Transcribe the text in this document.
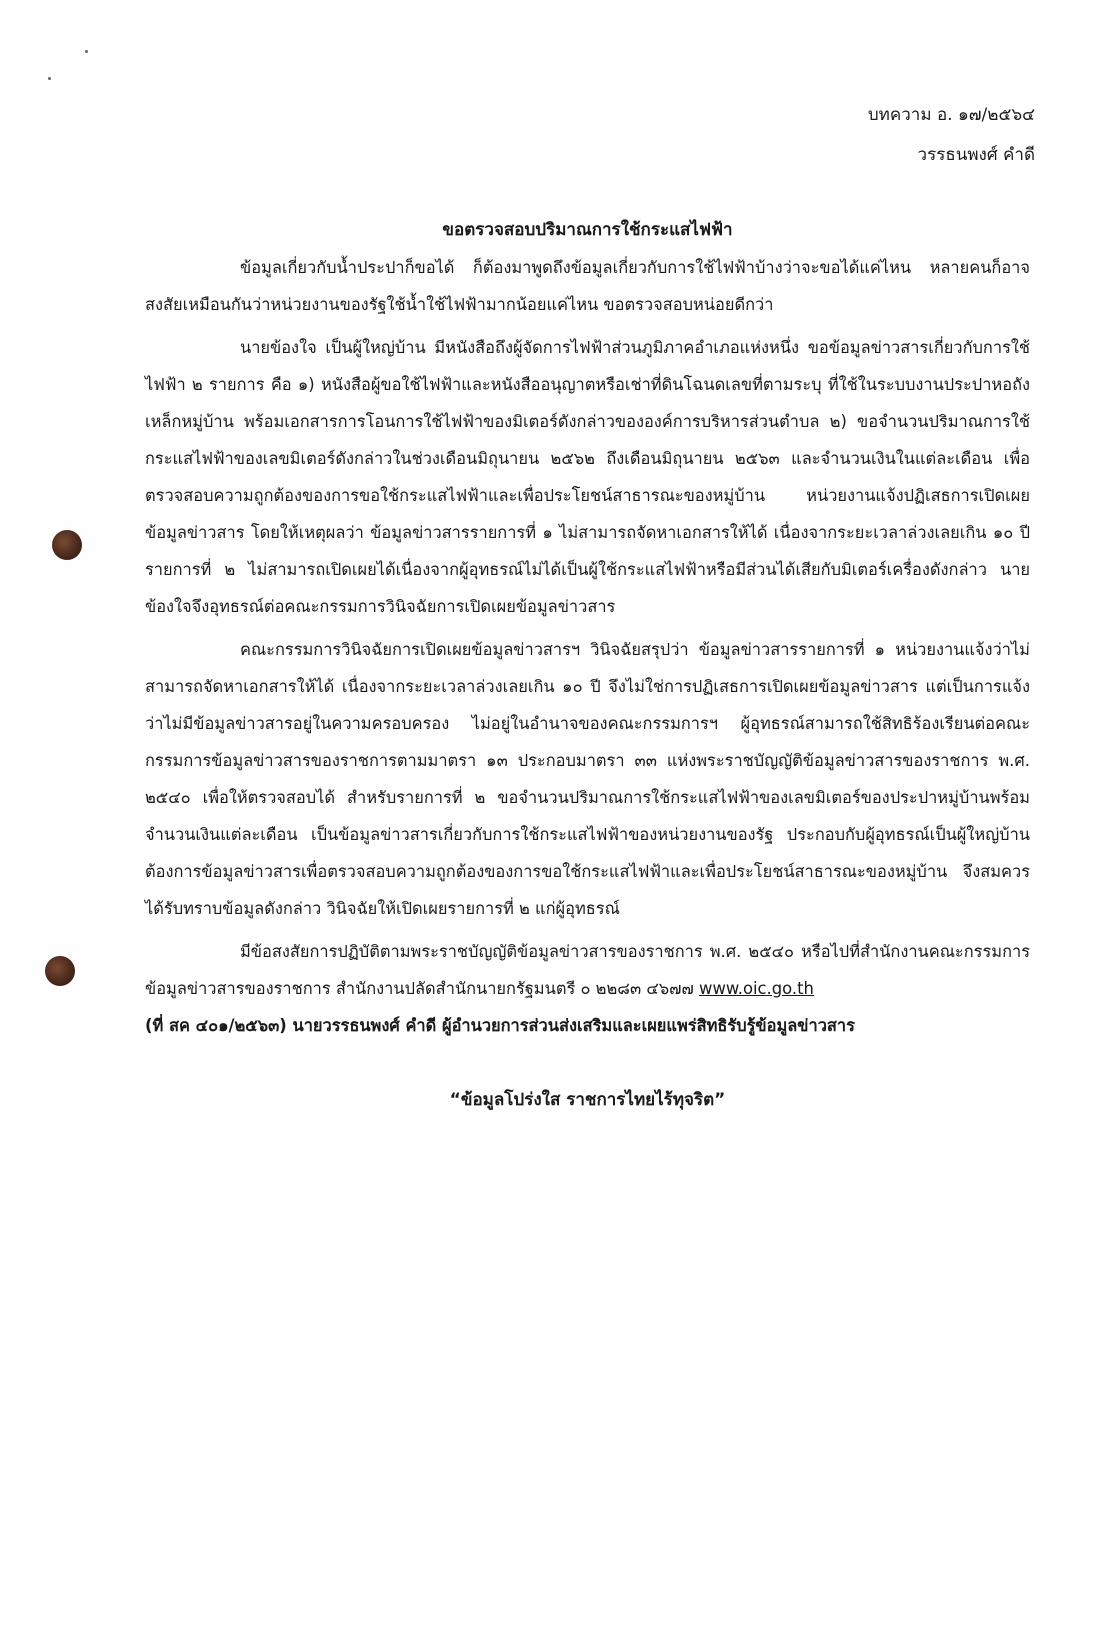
บทความ อ. ๑๗/๒๕๖๔
วรรธนพงศ์ คำดี

ขอตรวจสอบปริมาณการใช้กระแสไฟฟ้า

ข้อมูลเกี่ยวกับน้ำประปาก็ขอได้ ก็ต้องมาพูดถึงข้อมูลเกี่ยวกับการใช้ไฟฟ้าบ้างว่าจะขอได้แค่ไหน หลายคนก็อาจสงสัยเหมือนกันว่าหน่วยงานของรัฐใช้น้ำใช้ไฟฟ้ามากน้อยแค่ไหน ขอตรวจสอบหน่อยดีกว่า

นายข้องใจ เป็นผู้ใหญ่บ้าน มีหนังสือถึงผู้จัดการไฟฟ้าส่วนภูมิภาคอำเภอแห่งหนึ่ง ขอข้อมูลข่าวสารเกี่ยวกับการใช้ไฟฟ้า ๒ รายการ คือ ๑) หนังสือผู้ขอใช้ไฟฟ้าและหนังสืออนุญาตหรือเช่าที่ดินโฉนดเลขที่ตามระบุ ที่ใช้ในระบบงานประปาหอถังเหล็กหมู่บ้าน พร้อมเอกสารการโอนการใช้ไฟฟ้าของมิเตอร์ดังกล่าวขององค์การบริหารส่วนตำบล ๒) ขอจำนวนปริมาณการใช้กระแสไฟฟ้าของเลขมิเตอร์ดังกล่าวในช่วงเดือนมิถุนายน ๒๕๖๒ ถึงเดือนมิถุนายน ๒๕๖๓ และจำนวนเงินในแต่ละเดือน เพื่อตรวจสอบความถูกต้องของการขอใช้กระแสไฟฟ้าและเพื่อประโยชน์สาธารณะของหมู่บ้าน หน่วยงานแจ้งปฏิเสธการเปิดเผยข้อมูลข่าวสาร โดยให้เหตุผลว่า ข้อมูลข่าวสารรายการที่ ๑ ไม่สามารถจัดหาเอกสารให้ได้ เนื่องจากระยะเวลาล่วงเลยเกิน ๑๐ ปี รายการที่ ๒ ไม่สามารถเปิดเผยได้เนื่องจากผู้อุทธรณ์ไม่ได้เป็นผู้ใช้กระแสไฟฟ้าหรือมีส่วนได้เสียกับมิเตอร์เครื่องดังกล่าว นายข้องใจจึงอุทธรณ์ต่อคณะกรรมการวินิจฉัยการเปิดเผยข้อมูลข่าวสาร

คณะกรรมการวินิจฉัยการเปิดเผยข้อมูลข่าวสารฯ วินิจฉัยสรุปว่า ข้อมูลข่าวสารรายการที่ ๑ หน่วยงานแจ้งว่าไม่สามารถจัดหาเอกสารให้ได้ เนื่องจากระยะเวลาล่วงเลยเกิน ๑๐ ปี จึงไม่ใช่การปฏิเสธการเปิดเผยข้อมูลข่าวสาร แต่เป็นการแจ้งว่าไม่มีข้อมูลข่าวสารอยู่ในความครอบครอง ไม่อยู่ในอำนาจของคณะกรรมการฯ ผู้อุทธรณ์สามารถใช้สิทธิร้องเรียนต่อคณะกรรมการข้อมูลข่าวสารของราชการตามมาตรา ๑๓ ประกอบมาตรา ๓๓ แห่งพระราชบัญญัติข้อมูลข่าวสารของราชการ พ.ศ. ๒๕๔๐ เพื่อให้ตรวจสอบได้ สำหรับรายการที่ ๒ ขอจำนวนปริมาณการใช้กระแสไฟฟ้าของเลขมิเตอร์ของประปาหมู่บ้านพร้อมจำนวนเงินแต่ละเดือน เป็นข้อมูลข่าวสารเกี่ยวกับการใช้กระแสไฟฟ้าของหน่วยงานของรัฐ ประกอบกับผู้อุทธรณ์เป็นผู้ใหญ่บ้านต้องการข้อมูลข่าวสารเพื่อตรวจสอบความถูกต้องของการขอใช้กระแสไฟฟ้าและเพื่อประโยชน์สาธารณะของหมู่บ้าน จึงสมควรได้รับทราบข้อมูลดังกล่าว วินิจฉัยให้เปิดเผยรายการที่ ๒ แก่ผู้อุทธรณ์

มีข้อสงสัยการปฏิบัติตามพระราชบัญญัติข้อมูลข่าวสารของราชการ พ.ศ. ๒๕๔๐ หรือไปที่สำนักงานคณะกรรมการข้อมูลข่าวสารของราชการ สำนักงานปลัดสำนักนายกรัฐมนตรี ๐ ๒๒๘๓ ๔๖๗๗ www.oic.go.th

(ที่ สค ๔๐๑/๒๕๖๓) นายวรรธนพงศ์ คำดี ผู้อำนวยการส่วนส่งเสริมและเผยแพร่สิทธิรับรู้ข้อมูลข่าวสาร

“ข้อมูลโปร่งใส ราชการไทยไร้ทุจริต”
